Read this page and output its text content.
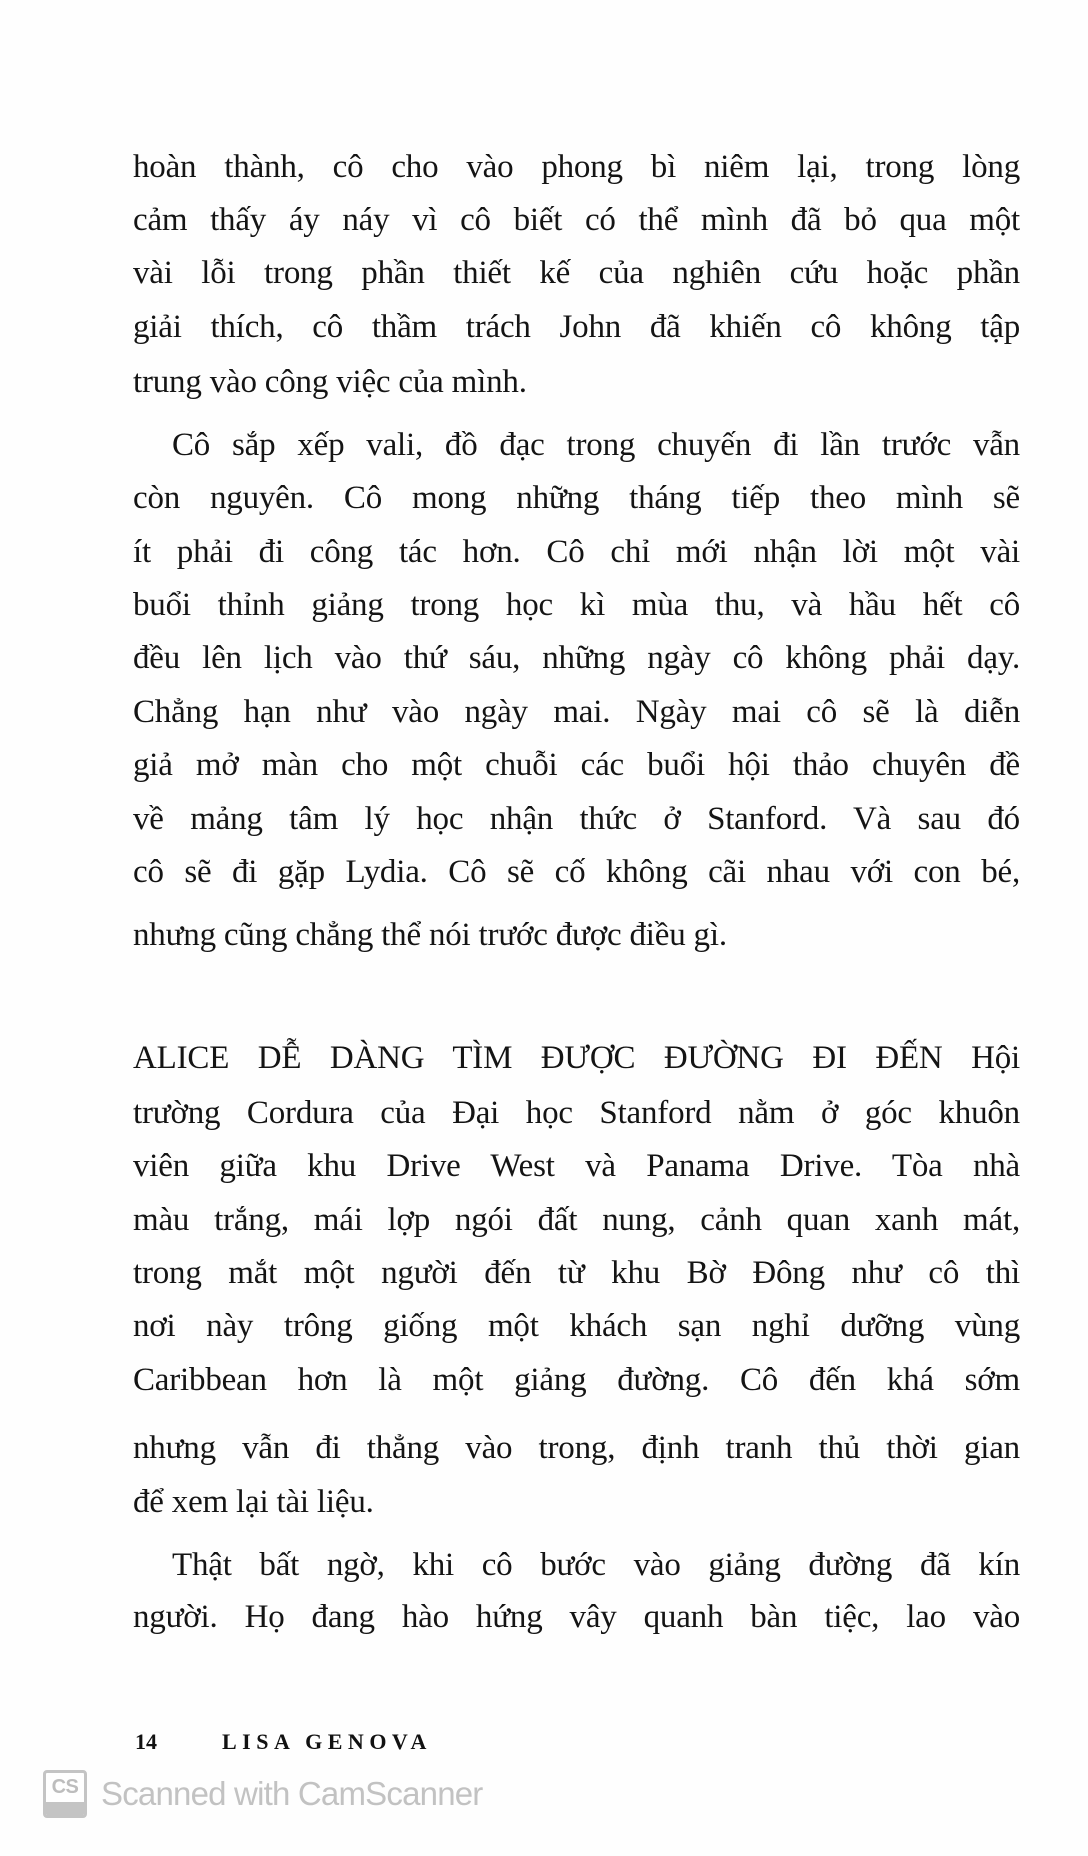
hoàn thành, cô cho vào phong bì niêm lại, trong lòng
cảm thấy áy náy vì cô biết có thể mình đã bỏ qua một
vài lỗi trong phần thiết kế của nghiên cứu hoặc phần
giải thích, cô thầm trách John đã khiến cô không tập
trung vào công việc của mình.
Cô sắp xếp vali, đồ đạc trong chuyến đi lần trước vẫn
còn nguyên. Cô mong những tháng tiếp theo mình sẽ
ít phải đi công tác hơn. Cô chỉ mới nhận lời một vài
buổi thỉnh giảng trong học kì mùa thu, và hầu hết cô
đều lên lịch vào thứ sáu, những ngày cô không phải dạy.
Chẳng hạn như vào ngày mai. Ngày mai cô sẽ là diễn
giả mở màn cho một chuỗi các buổi hội thảo chuyên đề
về mảng tâm lý học nhận thức ở Stanford. Và sau đó
cô sẽ đi gặp Lydia. Cô sẽ cố không cãi nhau với con bé,
nhưng cũng chẳng thể nói trước được điều gì.
ALICE DỄ DÀNG TÌM ĐƯỢC ĐƯỜNG ĐI ĐẾN Hội
trường Cordura của Đại học Stanford nằm ở góc khuôn
viên giữa khu Drive West và Panama Drive. Tòa nhà
màu trắng, mái lợp ngói đất nung, cảnh quan xanh mát,
trong mắt một người đến từ khu Bờ Đông như cô thì
nơi này trông giống một khách sạn nghỉ dưỡng vùng
Caribbean hơn là một giảng đường. Cô đến khá sớm
nhưng vẫn đi thẳng vào trong, định tranh thủ thời gian
để xem lại tài liệu.
Thật bất ngờ, khi cô bước vào giảng đường đã kín
người. Họ đang hào hứng vây quanh bàn tiệc, lao vào
14	LISA GENOVA
CS Scanned with CamScanner
